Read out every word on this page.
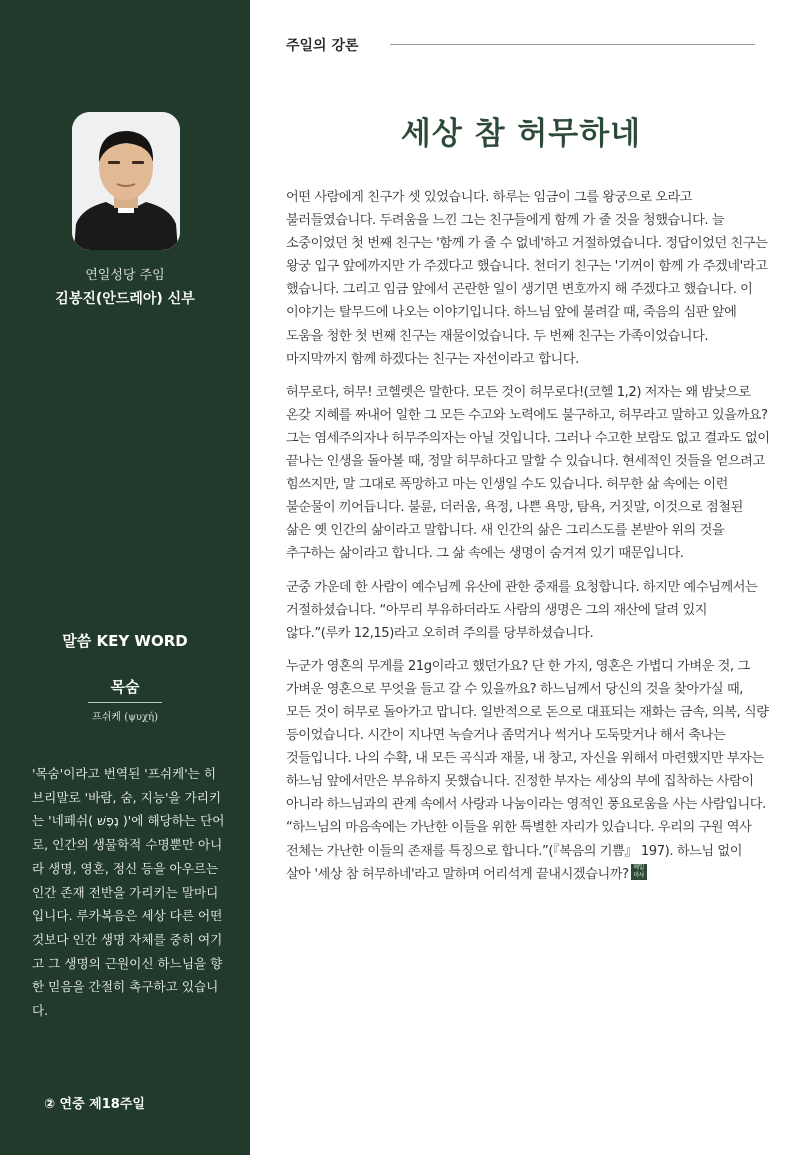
연일성당 주임
김봉진(안드레아) 신부
말씀 KEY WORD
목숨
프쉬케 (ψυχή)
'목숨'이라고 번역된 '프쉬케'는 히브리말로 '바람, 숨, 지능'을 가리키는 '네페쉬( נֶפֶשׁ )'에 해당하는 단어로, 인간의 생물학적 수명뿐만 아니라 생명, 영혼, 정신 등을 아우르는 인간 존재 전반을 가리키는 말마디입니다. 루카복음은 세상 다른 어떤 것보다 인간 생명 자체를 중히 여기고 그 생명의 근원이신 하느님을 향한 믿음을 간절히 촉구하고 있습니다.
② 연중 제18주일
주일의 강론
세상 참 허무하네

어떤 사람에게 친구가 셋 있었습니다. 하루는 임금이 그를 왕궁으로 오라고 불러들였습니다. 두려움을 느낀 그는 친구들에게 함께 가 줄 것을 청했습니다. 늘 소중이었던 첫 번째 친구는 '함께 가 줄 수 없네'하고 거절하였습니다. 정답이었던 친구는 왕궁 입구 앞에까지만 가 주겠다고 했습니다. 천더기 친구는 '기꺼이 함께 가 주겠네'라고 했습니다. 그리고 임금 앞에서 곤란한 일이 생기면 변호까지 해 주겠다고 했습니다. 이 이야기는 탈무드에 나오는 이야기입니다. 하느님 앞에 불려갈 때, 죽음의 심판 앞에 도움을 청한 첫 번째 친구는 재물이었습니다. 두 번째 친구는 가족이었습니다. 마지막까지 함께 하겠다는 친구는 자선이라고 합니다.

허무로다, 허무! 코헬렛은 말한다. 모든 것이 허무로다!(코헬 1,2) 저자는 왜 밤낮으로 온갖 지혜를 짜내어 일한 그 모든 수고와 노력에도 불구하고, 허무라고 말하고 있을까요? 그는 염세주의자나 허무주의자는 아닐 것입니다. 그러나 수고한 보람도 없고 결과도 없이 끝나는 인생을 돌아볼 때, 정말 허무하다고 말할 수 있습니다. 현세적인 것들을 얻으려고 힘쓰지만, 말 그대로 폭망하고 마는 인생일 수도 있습니다. 허무한 삶 속에는 이런 불순물이 끼어듭니다. 불륜, 더러움, 욕정, 나쁜 욕망, 탐욕, 거짓말, 이것으로 점철된 삶은 옛 인간의 삶이라고 말합니다. 새 인간의 삶은 그리스도를 본받아 위의 것을 추구하는 삶이라고 합니다. 그 삶 속에는 생명이 숨겨져 있기 때문입니다.

군중 가운데 한 사람이 예수님께 유산에 관한 중재를 요청합니다. 하지만 예수님께서는 거절하셨습니다. “아무리 부유하더라도 사람의 생명은 그의 재산에 달려 있지 않다.”(루카 12,15)라고 오히려 주의를 당부하셨습니다.

누군가 영혼의 무게를 21g이라고 했던가요? 단 한 가지, 영혼은 가볍디 가벼운 것, 그 가벼운 영혼으로 무엇을 들고 갈 수 있을까요? 하느님께서 당신의 것을 찾아가실 때, 모든 것이 허무로 돌아가고 맙니다. 일반적으로 돈으로 대표되는 재화는 금속, 의복, 식량 등이었습니다. 시간이 지나면 녹슬거나 좀먹거나 썩거나 도둑맞거나 해서 축나는 것들입니다. 나의 수확, 내 모든 곡식과 재물, 내 창고, 자신을 위해서 마련했지만 부자는 하느님 앞에서만은 부유하지 못했습니다. 진정한 부자는 세상의 부에 집착하는 사람이 아니라 하느님과의 관계 속에서 사랑과 나눔이라는 영적인 풍요로움을 사는 사람입니다. “하느님의 마음속에는 가난한 이들을 위한 특별한 자리가 있습니다. 우리의 구원 역사 전체는 가난한 이들의 존재를 특징으로 합니다.”(『복음의 기쁨』 197). 하느님 없이 살아 '세상 참 허무하네'라고 말하며 어리석게 끝내시겠습니까? 매일 미사
